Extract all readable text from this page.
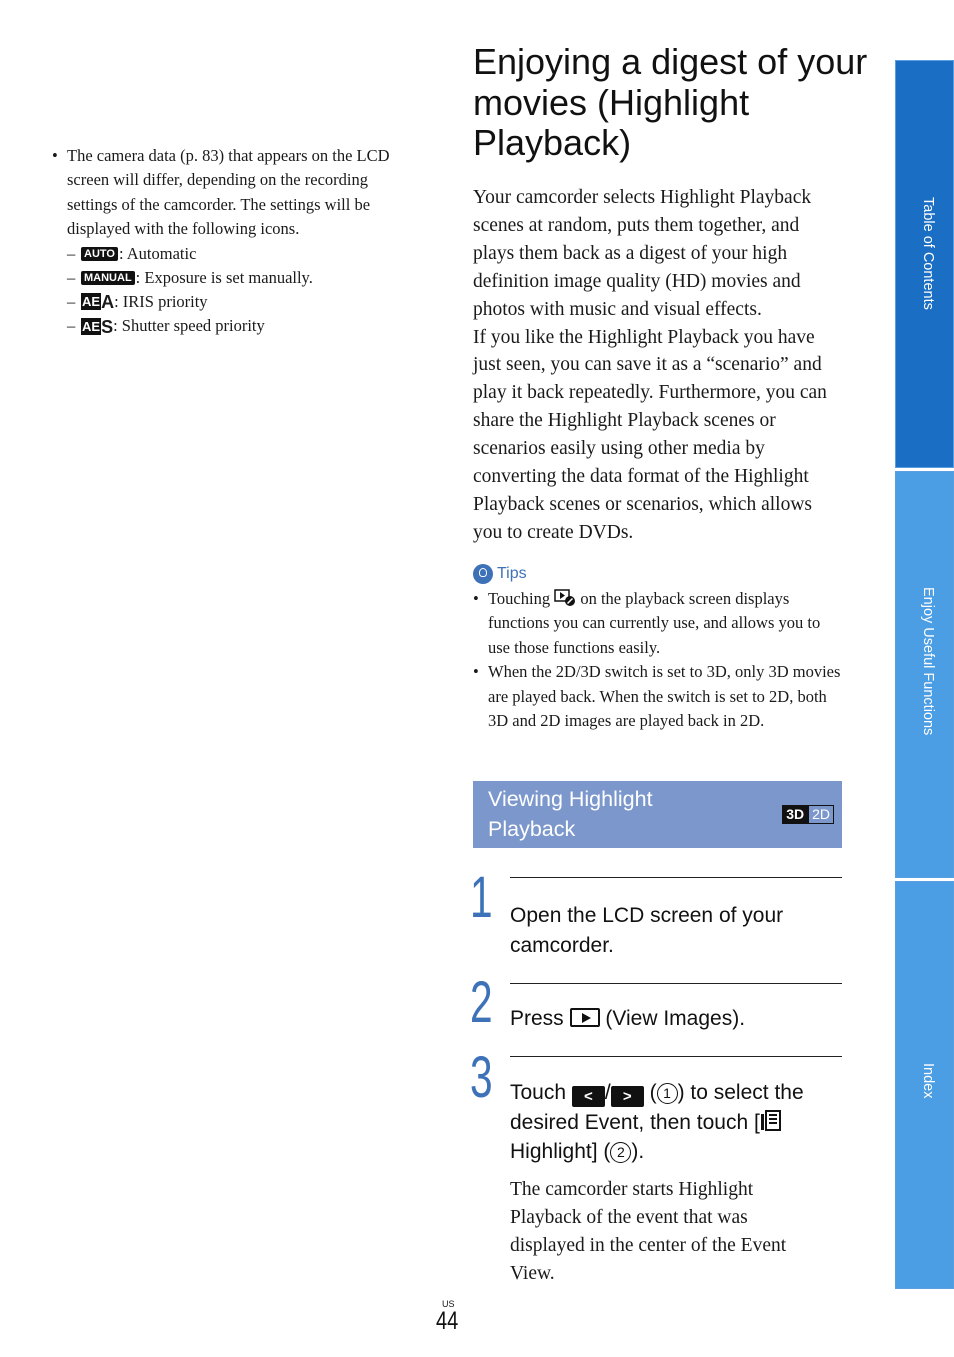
• The camera data (p. 83) that appears on the LCD screen will differ, depending on the recording settings of the camcorder. The settings will be displayed with the following icons.
– AUTO : Automatic
– MANUAL : Exposure is set manually.
– AEA : IRIS priority
– AES : Shutter speed priority
Enjoying a digest of your movies (Highlight Playback)
Your camcorder selects Highlight Playback scenes at random, puts them together, and plays them back as a digest of your high definition image quality (HD) movies and photos with music and visual effects.
If you like the Highlight Playback you have just seen, you can save it as a “scenario” and play it back repeatedly. Furthermore, you can share the Highlight Playback scenes or scenarios easily using other media by converting the data format of the Highlight Playback scenes or scenarios, which allows you to create DVDs.
Tips
• Touching on the playback screen displays functions you can currently use, and allows you to use those functions easily.
• When the 2D/3D switch is set to 3D, only 3D movies are played back. When the switch is set to 2D, both 3D and 2D images are played back in 2D.
Viewing Highlight
Playback
3D 2D
1 Open the LCD screen of your camcorder.
2 Press (View Images).
3 Touch < / > ( 1 ) to select the desired Event, then touch [Highlight] ( 2 ).
The camcorder starts Highlight Playback of the event that was displayed in the center of the Event View.
Table of Contents
Enjoy Useful Functions
Index
US
44
